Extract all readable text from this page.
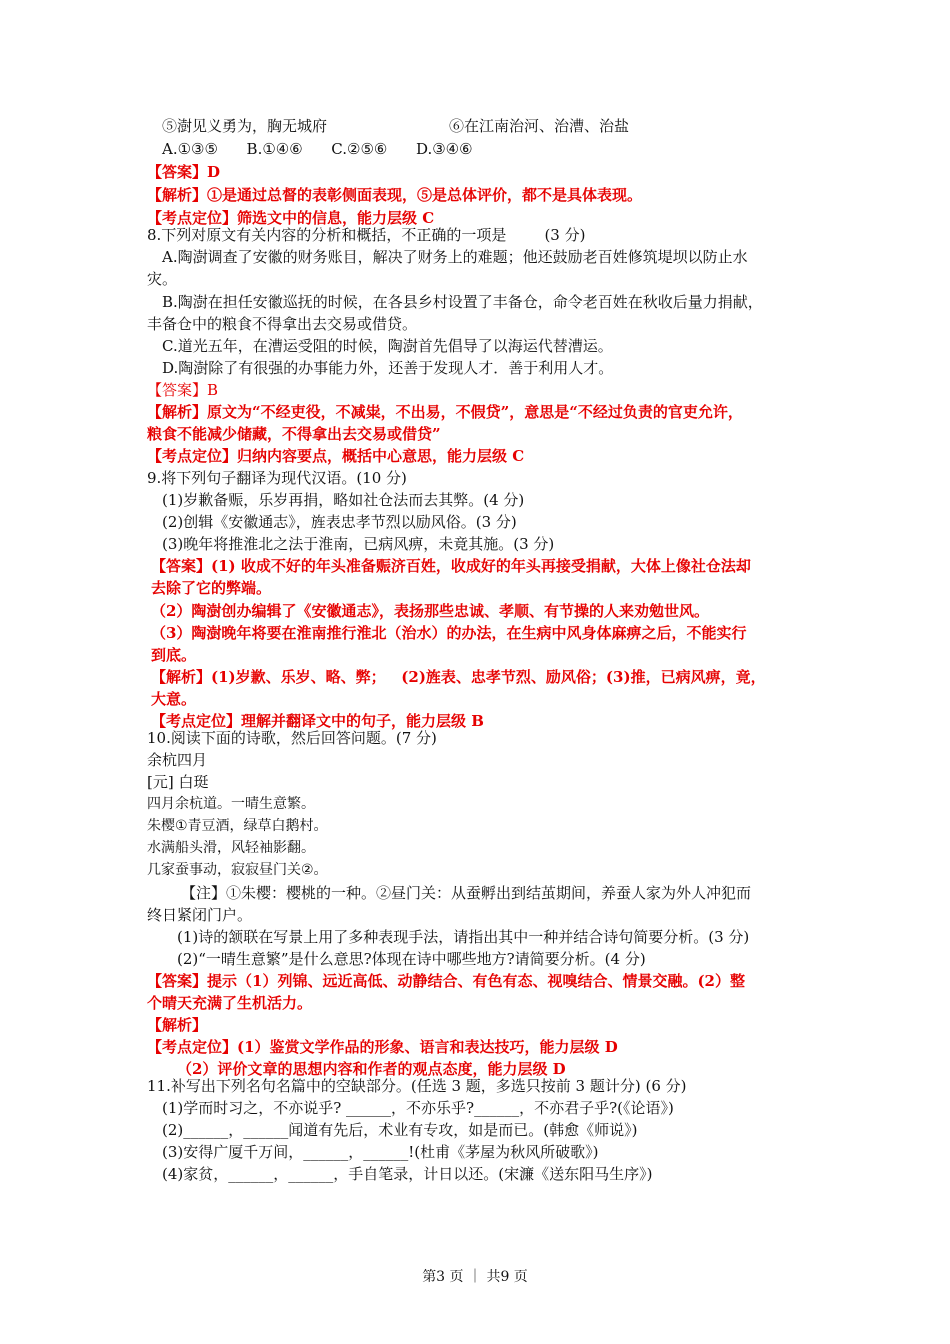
⑤澍见义勇为，胸无城府	⑥在江南治河、治漕、治盐
A.①③⑤      B.①④⑥      C.②⑤⑥      D.③④⑥
【答案】D
【解析】①是通过总督的表彰侧面表现，⑤是总体评价，都不是具体表现。
【考点定位】筛选文中的信息，能力层级 C
8.下列对原文有关内容的分析和概括，不正确的一项是        (3 分)
A.陶澍调查了安徽的财务账目，解决了财务上的难题；他还鼓励老百姓修筑堤坝以防止水
灾。
B.陶澍在担任安徽巡抚的时候，在各县乡村设置了丰备仓，命令老百姓在秋收后量力捐献，
丰备仓中的粮食不得拿出去交易或借贷。
C.道光五年，在漕运受阻的时候，陶澍首先倡导了以海运代替漕运。
D.陶澍除了有很强的办事能力外，还善于发现人才．善于利用人才。
【答案】B
【解析】原文为“不经吏役，不减粜，不出易，不假贷”，意思是“不经过负责的官吏允许，
粮食不能减少储藏，不得拿出去交易或借贷”
【考点定位】归纳内容要点，概括中心意思，能力层级 C
9.将下列句子翻译为现代汉语。(10 分)
(1)岁歉备赈，乐岁再捐，略如社仓法而去其弊。(4 分)
(2)创辑《安徽通志》，旌表忠孝节烈以励风俗。(3 分)
(3)晚年将推淮北之法于淮南，已病风痹，未竟其施。(3 分)
【答案】(1) 收成不好的年头准备赈济百姓，收成好的年头再接受捐献，大体上像社仓法却
去除了它的弊端。
（2）陶澍创办编辑了《安徽通志》，表扬那些忠诚、孝顺、有节操的人来劝勉世风。
（3）陶澍晚年将要在淮南推行淮北（治水）的办法，在生病中风身体麻痹之后，不能实行
到底。
【解析】(1)岁歉、乐岁、略、弊；   (2)旌表、忠孝节烈、励风俗；(3)推，已病风痹，竟，
大意。
【考点定位】理解并翻译文中的句子，能力层级 B
10.阅读下面的诗歌，然后回答问题。(7 分)
余杭四月
[元] 白珽
四月余杭道。一晴生意繁。
朱樱①青豆酒，绿草白鹅村。
水满船头滑，风轻袖影翻。
几家蚕事动，寂寂昼门关②。
【注】①朱樱：樱桃的一种。②昼门关：从蚕孵出到结茧期间，养蚕人家为外人冲犯而
终日紧闭门户。
(1)诗的颔联在写景上用了多种表现手法，请指出其中一种并结合诗句简要分析。(3 分)
(2)“一晴生意繁”是什么意思?体现在诗中哪些地方?请简要分析。(4 分)
【答案】提示（1）列锦、远近高低、动静结合、有色有态、视嗅结合、情景交融。(2）整
个晴天充满了生机活力。
【解析】
【考点定位】(1）鉴赏文学作品的形象、语言和表达技巧，能力层级 D
（2）评价文章的思想内容和作者的观点态度，能力层级 D
11.补写出下列名句名篇中的空缺部分。(任选 3 题，多选只按前 3 题计分) (6 分)
(1)学而时习之，不亦说乎? ______，不亦乐乎?______，不亦君子乎?(《论语》)
(2)______，______闻道有先后，术业有专攻，如是而已。(韩愈《师说》)
(3)安得广厦千万间，______，______!(杜甫《茅屋为秋风所破歌》)
(4)家贫，______，______，手自笔录，计日以还。(宋濂《送东阳马生序》)
第3 页 ｜ 共9 页
